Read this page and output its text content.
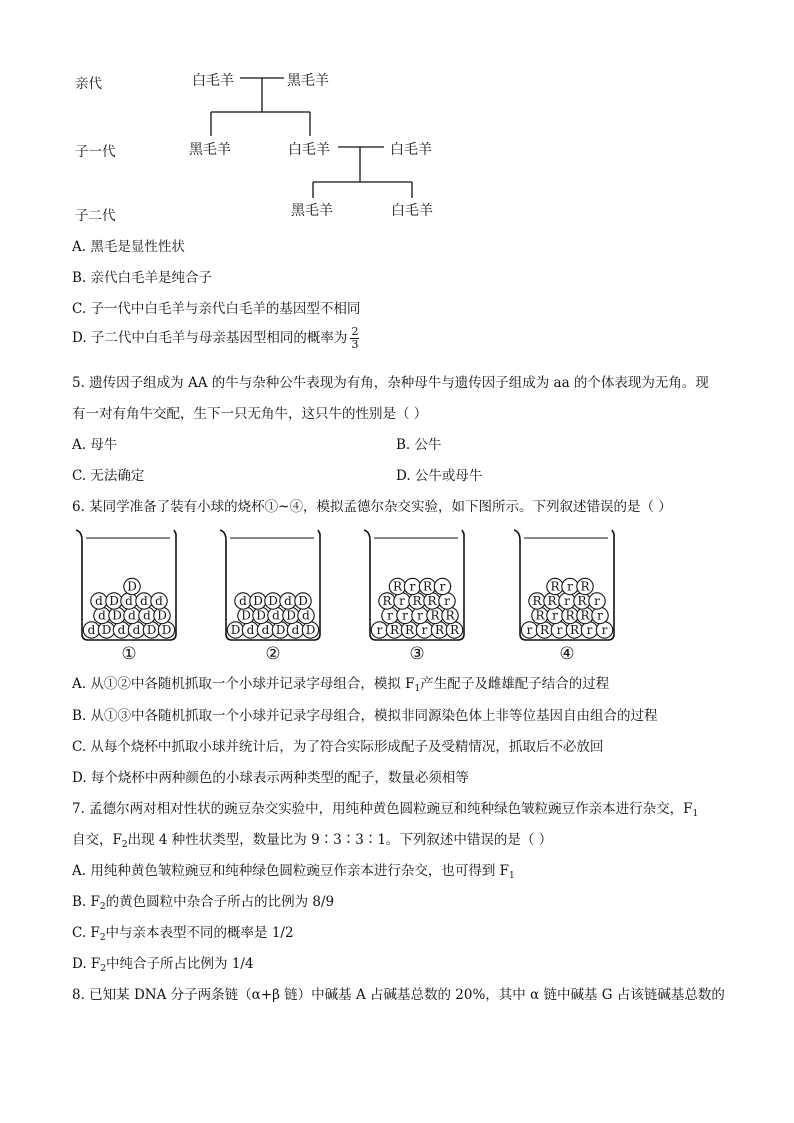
亲代
子一代
子二代
白毛羊	黑毛羊
黑毛羊	白毛羊	白毛羊
黑毛羊	白毛羊
A. 黑毛是显性性状
B. 亲代白毛羊是纯合子
C. 子一代中白毛羊与亲代白毛羊的基因型不相同
D. 子二代中白毛羊与母亲基因型相同的概率为 $\frac{2}{3}$
5. 遗传因子组成为 AA 的牛与杂种公牛表现为有角，杂种母牛与遗传因子组成为 aa 的个体表现为无角。现
有一对有角牛交配，生下一只无角牛，这只牛的性别是（ ）
A. 母牛	B. 公牛
C. 无法确定	D. 公牛或母牛
6. 某同学准备了装有小球的烧杯①~④，模拟孟德尔杂交实验，如下图所示。下列叙述错误的是（ ）
d D d d D D
d D d d D
d D d d d
D
①
D d d D d D
D D d D d
d D D d D
②
r R R r R R
r r r R R
R r R R r
R r R r
③
r R r R r r
R r R R r
R R r R r
R r R
④
A. 从①②中各随机抓取一个小球并记录字母组合，模拟 $F_1$产生配子及雌雄配子结合的过程
B. 从①③中各随机抓取一个小球并记录字母组合，模拟非同源染色体上非等位基因自由组合的过程
C. 从每个烧杯中抓取小球并统计后，为了符合实际形成配子及受精情况，抓取后不必放回
D. 每个烧杯中两种颜色的小球表示两种类型的配子，数量必须相等
7. 孟德尔两对相对性状的豌豆杂交实验中，用纯种黄色圆粒豌豆和纯种绿色皱粒豌豆作亲本进行杂交，$F_1$
自交，$F_2$出现 4 种性状类型，数量比为 9∶3∶3∶1。下列叙述中错误的是（ ）
A. 用纯种黄色皱粒豌豆和纯种绿色圆粒豌豆作亲本进行杂交，也可得到 $F_1$
B. $F_2$的黄色圆粒中杂合子所占的比例为 8/9
C. $F_2$中与亲本表型不同的概率是 1/2
D. $F_2$中纯合子所占比例为 1/4
8. 已知某 DNA 分子两条链（α+β 链）中碱基 A 占碱基总数的 20%，其中 α 链中碱基 G 占该链碱基总数的
